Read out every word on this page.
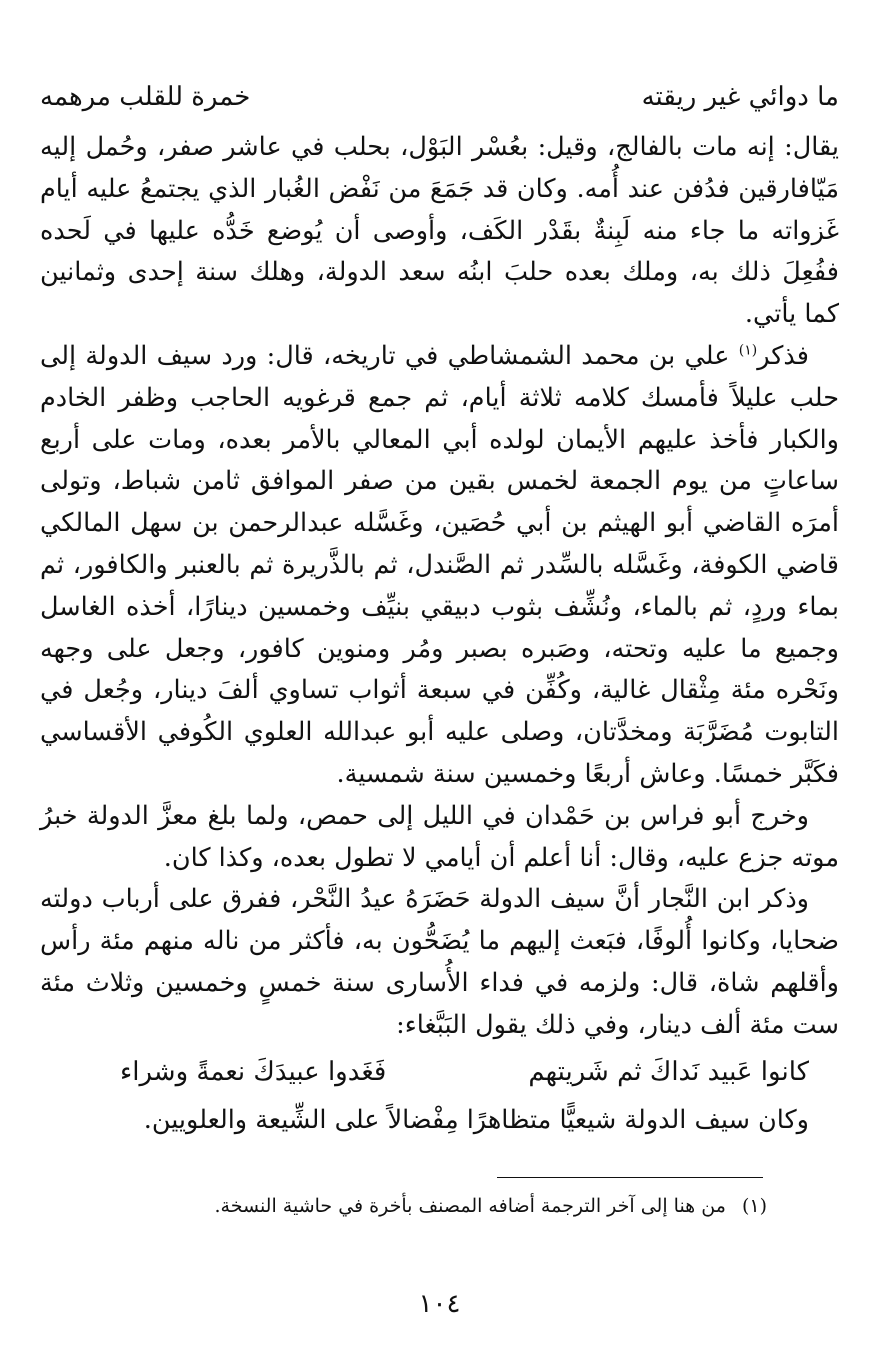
ما دوائي غير ريقته
خمرة للقلب مرهمه

يقال: إنه مات بالفالج، وقيل: بعُسْر البَوْل، بحلب في عاشر صفر، وحُمل إليه مَيّافارقين فدُفن عند أُمه. وكان قد جَمَعَ من نَفْض الغُبار الذي يجتمعُ عليه أيام غَزواته ما جاء منه لَبِنةٌ بقَدْر الكَف، وأوصى أن يُوضع خَدُّه عليها في لَحده ففُعِلَ ذلك به، وملك بعده حلبَ ابنُه سعد الدولة، وهلك سنة إحدى وثمانين كما يأتي.

فذكر$^{(١)}$ علي بن محمد الشمشاطي في تاريخه، قال: ورد سيف الدولة إلى حلب عليلاً فأمسك كلامه ثلاثة أيام، ثم جمع قرغويه الحاجب وظفر الخادم والكبار فأخذ عليهم الأيمان لولده أبي المعالي بالأمر بعده، ومات على أربع ساعاتٍ من يوم الجمعة لخمس بقين من صفر الموافق ثامن شباط، وتولى أمرَه القاضي أبو الهيثم بن أبي حُصَين، وغَسَّله عبدالرحمن بن سهل المالكي قاضي الكوفة، وغَسَّله بالسِّدر ثم الصَّندل، ثم بالذَّريرة ثم بالعنبر والكافور، ثم بماء وردٍ، ثم بالماء، ونُشِّف بثوب دبيقي بنيِّف وخمسين دينارًا، أخذه الغاسل وجميع ما عليه وتحته، وصَبره بصبر ومُر ومنوين كافور، وجعل على وجهه ونَحْره مئة مِثْقال غالية، وكُفِّن في سبعة أثواب تساوي ألفَ دينار، وجُعل في التابوت مُضَرَّبَة ومخدَّتان، وصلى عليه أبو عبدالله العلوي الكُوفي الأقساسي فكَبَّر خمسًا. وعاش أربعًا وخمسين سنة شمسية.

وخرج أبو فراس بن حَمْدان في الليل إلى حمص، ولما بلغ معزَّ الدولة خبرُ موته جزع عليه، وقال: أنا أعلم أن أيامي لا تطول بعده، وكذا كان.

وذكر ابن النَّجار أنَّ سيف الدولة حَضَرَهُ عيدُ النَّحْر، ففرق على أرباب دولته ضحايا، وكانوا أُلوفًا، فبَعث إليهم ما يُضَحُّون به، فأكثر من ناله منهم مئة رأس وأقلهم شاة، قال: ولزمه في فداء الأُسارى سنة خمسٍ وخمسين وثلاث مئة ست مئة ألف دينار، وفي ذلك يقول البَبَّغاء:

كانوا عَبيد نَداكَ ثم شَريتهم
فَغَدوا عبيدَكَ نعمةً وشراء

وكان سيف الدولة شيعيًّا متظاهرًا مِفْضالاً على الشِّيعة والعلويين.

(١) من هنا إلى آخر الترجمة أضافه المصنف بأخرة في حاشية النسخة.
١٠٤
